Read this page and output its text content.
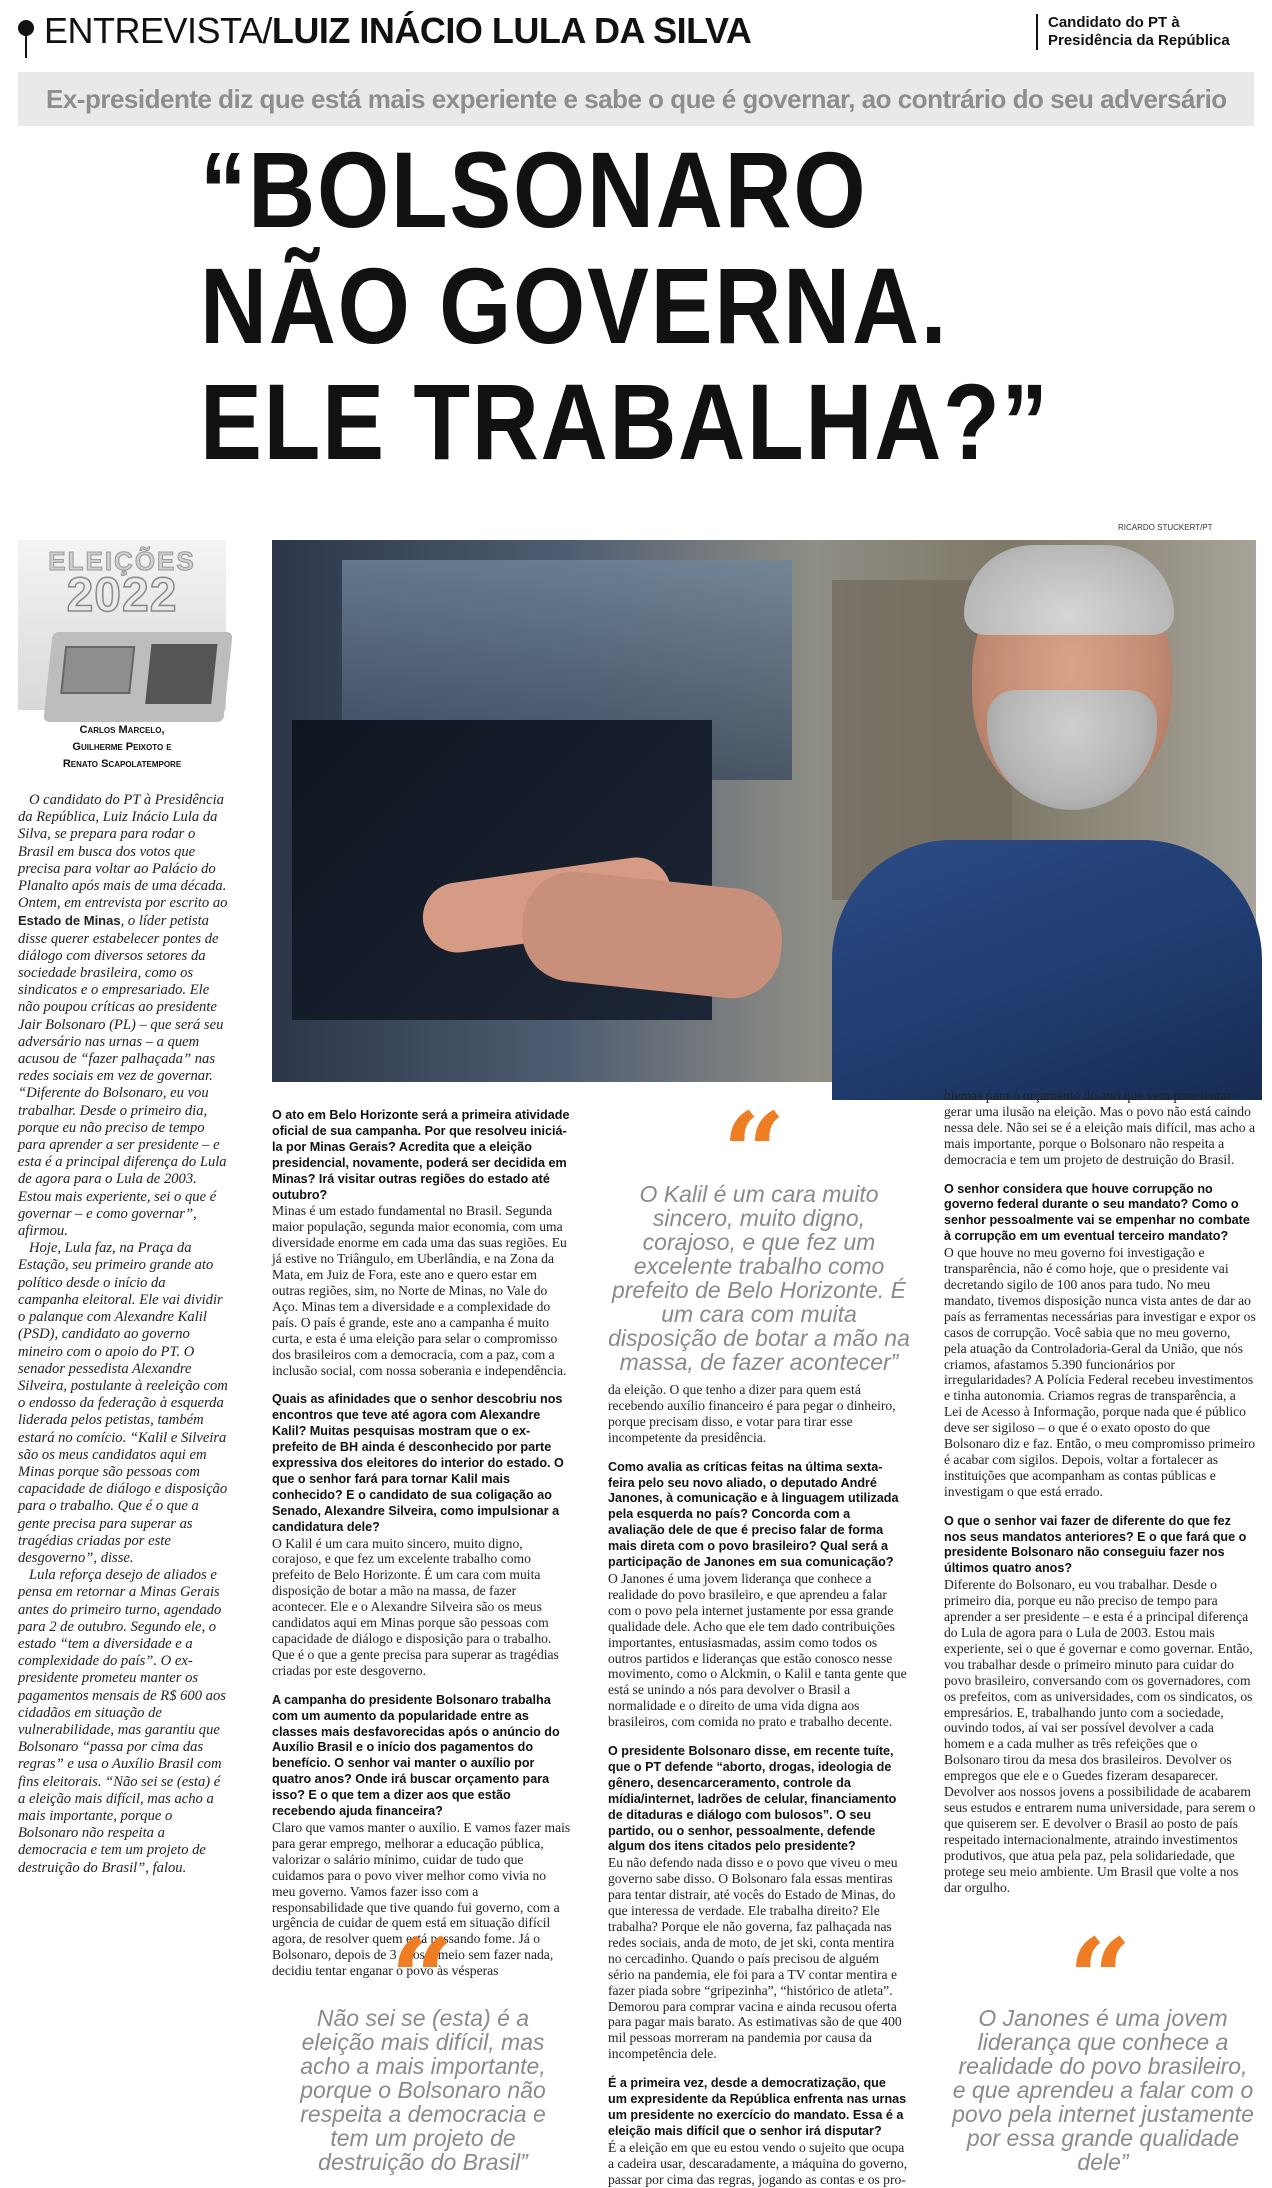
ENTREVISTA/LUIZ INÁCIO LULA DA SILVA	Candidato do PT à
Presidência da República
Ex-presidente diz que está mais experiente e sabe o que é governar, ao contrário do seu adversário
“BOLSONARO
NÃO GOVERNA.
ELE TRABALHA?”
RICARDO STUCKERT/PT
ELEIÇÕES
2022
Carlos Marcelo,
Guilherme Peixoto e
Renato Scapolatempore

O candidato do PT à Presidência da República, Luiz Inácio Lula da Silva, se prepara para rodar o Brasil em busca dos votos que precisa para voltar ao Palácio do Planalto após mais de uma década. Ontem, em entrevista por escrito ao Estado de Minas, o líder petista disse querer estabelecer pontes de diálogo com diversos setores da sociedade brasileira, como os sindicatos e o empresariado. Ele não poupou críticas ao presidente Jair Bolsonaro (PL) – que será seu adversário nas urnas – a quem acusou de “fazer palhaçada” nas redes sociais em vez de governar. “Diferente do Bolsonaro, eu vou trabalhar. Desde o primeiro dia, porque eu não preciso de tempo para aprender a ser presidente – e esta é a principal diferença do Lula de agora para o Lula de 2003. Estou mais experiente, sei o que é governar – e como governar”, afirmou.

Hoje, Lula faz, na Praça da Estação, seu primeiro grande ato político desde o início da campanha eleitoral. Ele vai dividir o palanque com Alexandre Kalil (PSD), candidato ao governo mineiro com o apoio do PT. O senador pessedista Alexandre Silveira, postulante à reeleição com o endosso da federação à esquerda liderada pelos petistas, também estará no comício. “Kalil e Silveira são os meus candidatos aqui em Minas porque são pessoas com capacidade de diálogo e disposição para o trabalho. Que é o que a gente precisa para superar as tragédias criadas por este desgoverno”, disse.

Lula reforça desejo de aliados e pensa em retornar a Minas Gerais antes do primeiro turno, agendado para 2 de outubro. Segundo ele, o estado “tem a diversidade e a complexidade do país”. O ex-presidente prometeu manter os pagamentos mensais de R$ 600 aos cidadãos em situação de vulnerabilidade, mas garantiu que Bolsonaro “passa por cima das regras” e usa o Auxílio Brasil com fins eleitorais. “Não sei se (esta) é a eleição mais difícil, mas acho a mais importante, porque o Bolsonaro não respeita a democracia e tem um projeto de destruição do Brasil”, falou.

O ato em Belo Horizonte será a primeira atividade oficial de sua campanha. Por que resolveu iniciá-la por Minas Gerais? Acredita que a eleição presidencial, novamente, poderá ser decidida em Minas? Irá visitar outras regiões do estado até outubro?

Minas é um estado fundamental no Brasil. Segunda maior população, segunda maior economia, com uma diversidade enorme em cada uma das suas regiões. Eu já estive no Triângulo, em Uberlândia, e na Zona da Mata, em Juiz de Fora, este ano e quero estar em outras regiões, sim, no Norte de Minas, no Vale do Aço. Minas tem a diversidade e a complexidade do país. O país é grande, este ano a campanha é muito curta, e esta é uma eleição para selar o compromisso dos brasileiros com a democracia, com a paz, com a inclusão social, com nossa soberania e independência.

Quais as afinidades que o senhor descobriu nos encontros que teve até agora com Alexandre Kalil? Muitas pesquisas mostram que o ex-prefeito de BH ainda é desconhecido por parte expressiva dos eleitores do interior do estado. O que o senhor fará para tornar Kalil mais conhecido? E o candidato de sua coligação ao Senado, Alexandre Silveira, como impulsionar a candidatura dele?

O Kalil é um cara muito sincero, muito digno, corajoso, e que fez um excelente trabalho como prefeito de Belo Horizonte. É um cara com muita disposição de botar a mão na massa, de fazer acontecer. Ele e o Alexandre Silveira são os meus candidatos aqui em Minas porque são pessoas com capacidade de diálogo e disposição para o trabalho. Que é o que a gente precisa para superar as tragédias criadas por este desgoverno.

A campanha do presidente Bolsonaro trabalha com um aumento da popularidade entre as classes mais desfavorecidas após o anúncio do Auxílio Brasil e o início dos pagamentos do benefício. O senhor vai manter o auxílio por quatro anos? Onde irá buscar orçamento para isso? E o que tem a dizer aos que estão recebendo ajuda financeira?

Claro que vamos manter o auxílio. E vamos fazer mais para gerar emprego, melhorar a educação pública, valorizar o salário mínimo, cuidar de tudo que cuidamos para o povo viver melhor como vivia no meu governo. Vamos fazer isso com a responsabilidade que tive quando fui governo, com a urgência de cuidar de quem está em situação difícil agora, de resolver quem está passando fome. Já o Bolsonaro, depois de 3 anos e meio sem fazer nada, decidiu tentar enganar o povo às vésperas

da eleição. O que tenho a dizer para quem está recebendo auxílio financeiro é para pegar o dinheiro, porque precisam disso, e votar para tirar esse incompetente da presidência.

Como avalia as críticas feitas na última sexta-feira pelo seu novo aliado, o deputado André Janones, à comunicação e à linguagem utilizada pela esquerda no país? Concorda com a avaliação dele de que é preciso falar de forma mais direta com o povo brasileiro? Qual será a participação de Janones em sua comunicação?

O Janones é uma jovem liderança que conhece a realidade do povo brasileiro, e que aprendeu a falar com o povo pela internet justamente por essa grande qualidade dele. Acho que ele tem dado contribuições importantes, entusiasmadas, assim como todos os outros partidos e lideranças que estão conosco nesse movimento, como o Alckmin, o Kalil e tanta gente que está se unindo a nós para devolver o Brasil a normalidade e o direito de uma vida digna aos brasileiros, com comida no prato e trabalho decente.

O presidente Bolsonaro disse, em recente tuíte, que o PT defende “aborto, drogas, ideologia de gênero, desencarceramento, controle da mídia/internet, ladrões de celular, financiamento de ditaduras e diálogo com bulosos”. O seu partido, ou o senhor, pessoalmente, defende algum dos itens citados pelo presidente?

Eu não defendo nada disso e o povo que viveu o meu governo sabe disso. O Bolsonaro fala essas mentiras para tentar distrair, até vocês do Estado de Minas, do que interessa de verdade. Ele trabalha direito? Ele trabalha? Porque ele não governa, faz palhaçada nas redes sociais, anda de moto, de jet ski, conta mentira no cercadinho. Quando o país precisou de alguém sério na pandemia, ele foi para a TV contar mentira e fazer piada sobre “gripezinha”, “histórico de atleta”. Demorou para comprar vacina e ainda recusou oferta para pagar mais barato. As estimativas são de que 400 mil pessoas morreram na pandemia por causa da incompetência dele.

É a primeira vez, desde a democratização, que um expresidente da República enfrenta nas urnas um presidente no exercício do mandato. Essa é a eleição mais difícil que o senhor irá disputar?

É a eleição em que eu estou vendo o sujeito que ocupa a cadeira usar, descaradamente, a máquina do governo, passar por cima das regras, jogando as contas e os pro-

blemas para o orçamento do ano que vem para tentar gerar uma ilusão na eleição. Mas o povo não está caindo nessa dele. Não sei se é a eleição mais difícil, mas acho a mais importante, porque o Bolsonaro não respeita a democracia e tem um projeto de destruição do Brasil.

O senhor considera que houve corrupção no governo federal durante o seu mandato? Como o senhor pessoalmente vai se empenhar no combate à corrupção em um eventual terceiro mandato?

O que houve no meu governo foi investigação e transparência, não é como hoje, que o presidente vai decretando sigilo de 100 anos para tudo. No meu mandato, tivemos disposição nunca vista antes de dar ao país as ferramentas necessárias para investigar e expor os casos de corrupção. Você sabia que no meu governo, pela atuação da Controladoria-Geral da União, que nós criamos, afastamos 5.390 funcionários por irregularidades? A Polícia Federal recebeu investimentos e tinha autonomia. Criamos regras de transparência, a Lei de Acesso à Informação, porque nada que é público deve ser sigiloso – o que é o exato oposto do que Bolsonaro diz e faz. Então, o meu compromisso primeiro é acabar com sigilos. Depois, voltar a fortalecer as instituições que acompanham as contas públicas e investigam o que está errado.

O que o senhor vai fazer de diferente do que fez nos seus mandatos anteriores? E o que fará que o presidente Bolsonaro não conseguiu fazer nos últimos quatro anos?

Diferente do Bolsonaro, eu vou trabalhar. Desde o primeiro dia, porque eu não preciso de tempo para aprender a ser presidente – e esta é a principal diferença do Lula de agora para o Lula de 2003. Estou mais experiente, sei o que é governar e como governar. Então, vou trabalhar desde o primeiro minuto para cuidar do povo brasileiro, conversando com os governadores, com os prefeitos, com as universidades, com os sindicatos, os empresários. E, trabalhando junto com a sociedade, ouvindo todos, aí vai ser possível devolver a cada homem e a cada mulher as três refeições que o Bolsonaro tirou da mesa dos brasileiros. Devolver os empregos que ele e o Guedes fizeram desaparecer. Devolver aos nossos jovens a possibilidade de acabarem seus estudos e entrarem numa universidade, para serem o que quiserem ser. E devolver o Brasil ao posto de país respeitado internacionalmente, atraindo investimentos produtivos, que atua pela paz, pela solidariedade, que protege seu meio ambiente. Um Brasil que volte a nos dar orgulho.

“
O Kalil é um cara muito sincero, muito digno, corajoso, e que fez um excelente trabalho como prefeito de Belo Horizonte. É um cara com muita disposição de botar a mão na massa, de fazer acontecer”
“
Não sei se (esta) é a eleição mais difícil, mas acho a mais importante, porque o Bolsonaro não respeita a democracia e tem um projeto de destruição do Brasil”
“
O Janones é uma jovem liderança que conhece a realidade do povo brasileiro, e que aprendeu a falar com o povo pela internet justamente por essa grande qualidade dele”
